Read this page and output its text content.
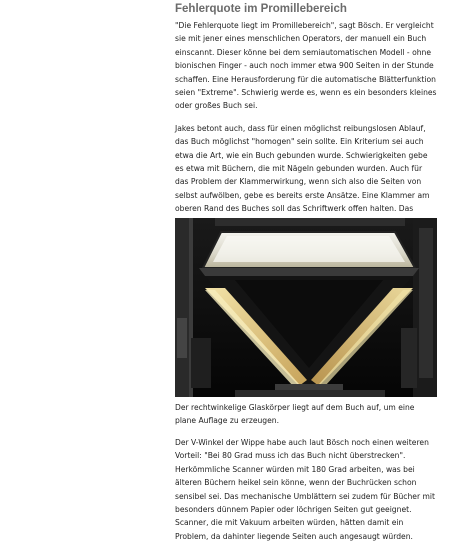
Fehlerquote im Promillebereich

"Die Fehlerquote liegt im Promillebereich", sagt Bösch. Er vergleicht sie mit jener eines menschlichen Operators, der manuell ein Buch einscannt. Dieser könne bei dem semiautomatischen Modell - ohne bionischen Finger - auch noch immer etwa 900 Seiten in der Stunde schaffen. Eine Herausforderung für die automatische Blätterfunktion seien "Extreme". Schwierig werde es, wenn es ein besonders kleines oder großes Buch sei.

Jakes betont auch, dass für einen möglichst reibungslosen Ablauf, das Buch möglichst "homogen" sein sollte. Ein Kriterium sei auch etwa die Art, wie ein Buch gebunden wurde. Schwierigkeiten gebe es etwa mit Büchern, die mit Nägeln gebunden wurden. Auch für das Problem der Klammerwirkung, wenn sich also die Seiten von selbst aufwölben, gebe es bereits erste Ansätze. Eine Klammer am oberen Rand des Buches soll das Schriftwerk offen halten. Das

Der rechtwinkelige Glaskörper liegt auf dem Buch auf, um eine plane Auflage zu erzeugen.

Der V-Winkel der Wippe habe auch laut Bösch noch einen weiteren Vorteil: "Bei 80 Grad muss ich das Buch nicht überstrecken". Herkömmliche Scanner würden mit 180 Grad arbeiten, was bei älteren Büchern heikel sein könne, wenn der Buchrücken schon sensibel sei. Das mechanische Umblättern sei zudem für Bücher mit besonders dünnem Papier oder löchrigen Seiten gut geeignet. Scanner, die mit Vakuum arbeiten würden, hätten damit ein Problem, da dahinter liegende Seiten auch angesaugt würden.
